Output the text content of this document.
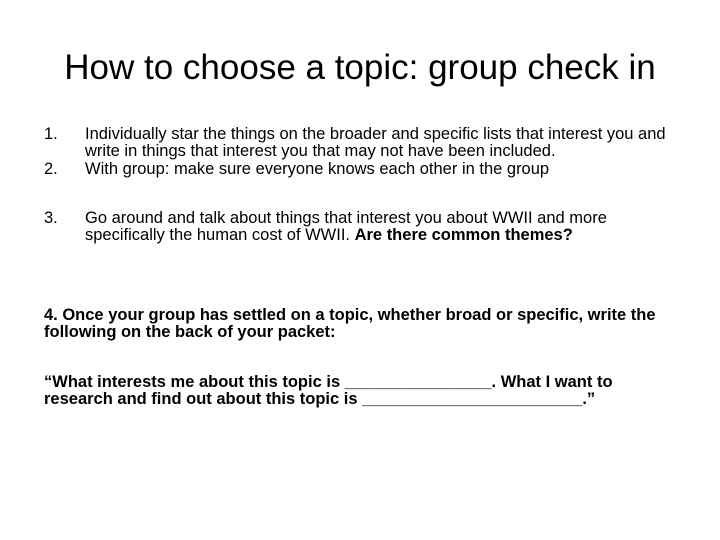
How to choose a topic: group check in
1. Individually star the things on the broader and specific lists that interest you and write in things that interest you that may not have been included.
2. With group: make sure everyone knows each other in the group
3. Go around and talk about things that interest you about WWII and more specifically the human cost of WWII. Are there common themes?
4. Once your group has settled on a topic, whether broad or specific, write the following on the back of your packet:
“What interests me about this topic is ________________. What I want to research and find out about this topic is ________________________.”
